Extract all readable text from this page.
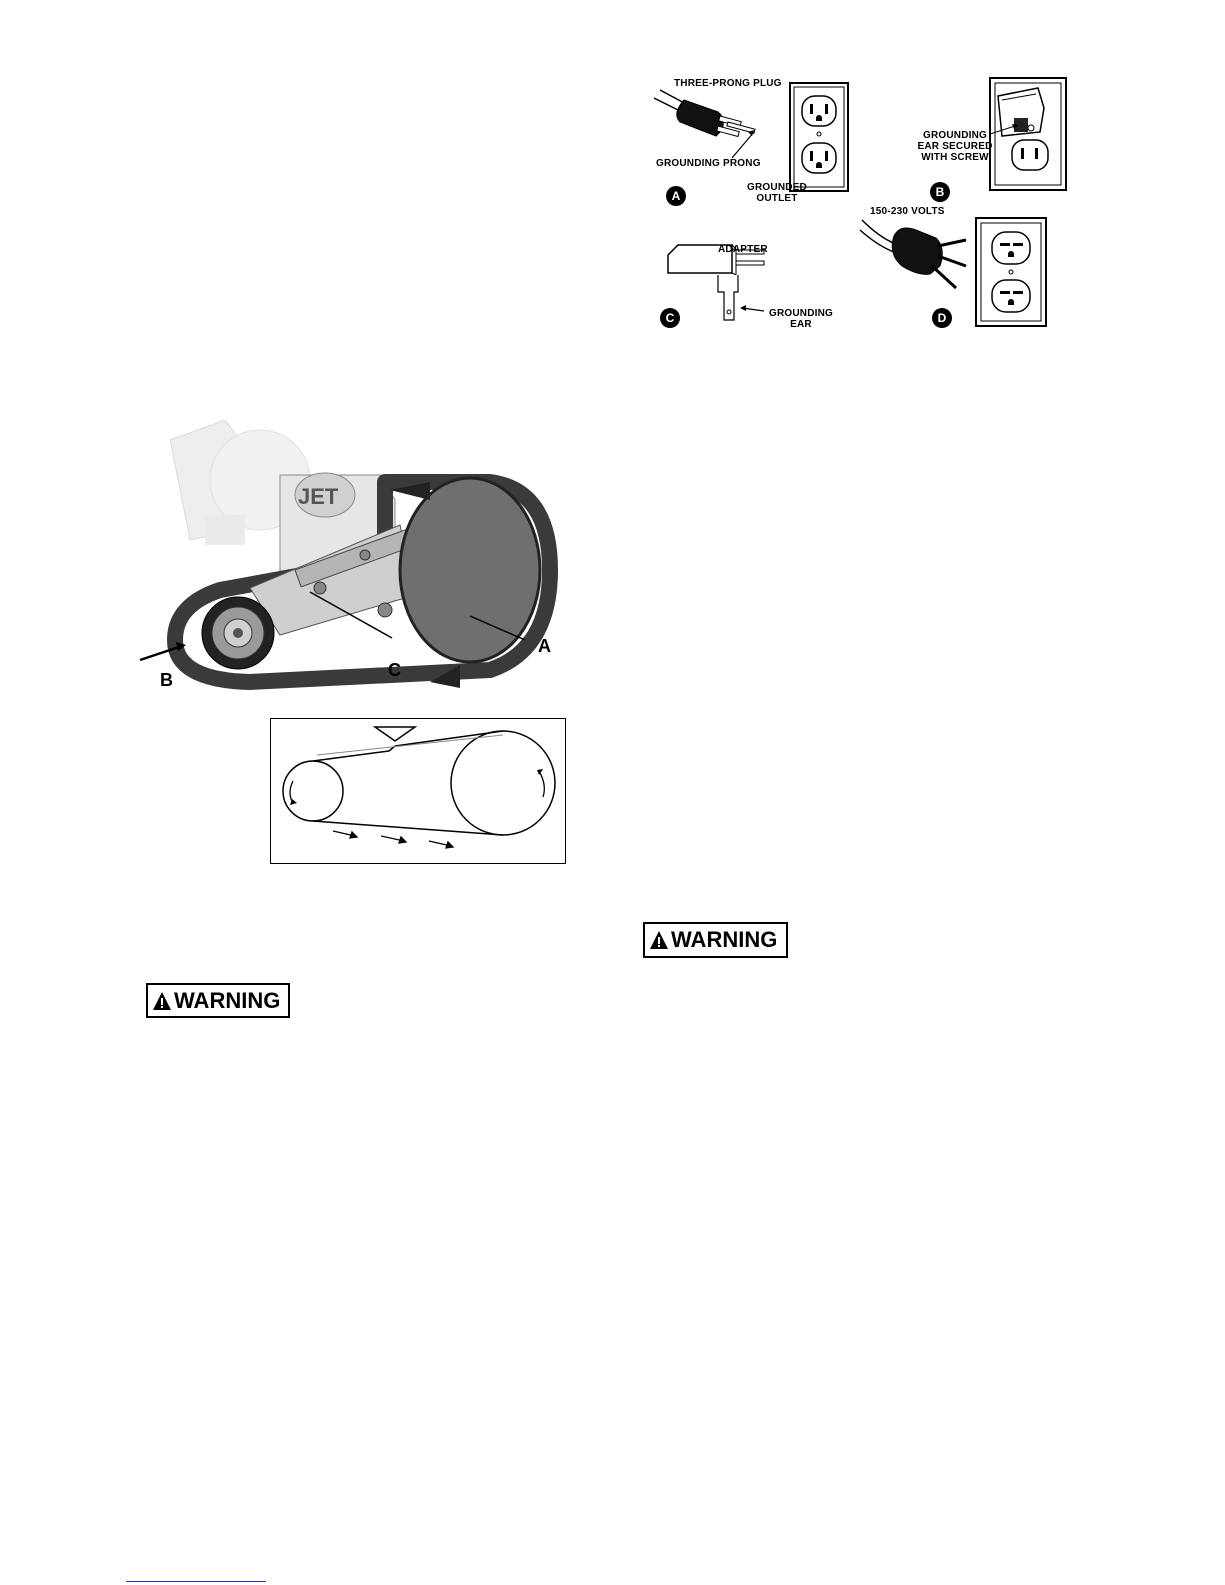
THREE-PRONG PLUG
GROUNDING PRONG
GROUNDED
OUTLET
GROUNDING
EAR SECURED
WITH SCREW
ADAPTER
GROUNDING
EAR
150-230 VOLTS
A	B
C	D
JET
A
B	C
WARNING
WARNING
